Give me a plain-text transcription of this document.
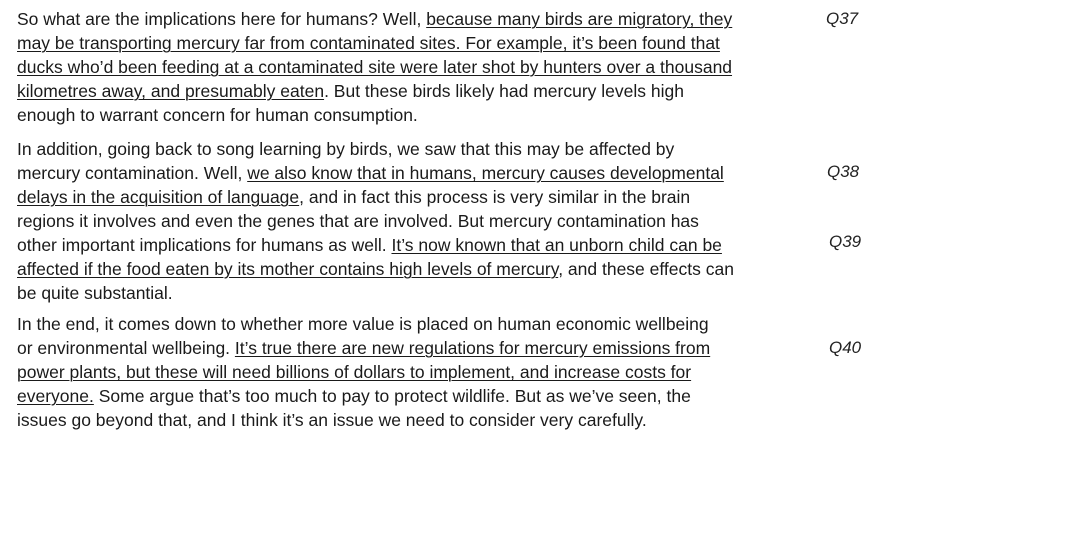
So what are the implications here for humans? Well, because many birds are migratory, they
may be transporting mercury far from contaminated sites. For example, it’s been found that
ducks who’d been feeding at a contaminated site were later shot by hunters over a thousand
kilometres away, and presumably eaten. But these birds likely had mercury levels high
enough to warrant concern for human consumption.
In addition, going back to song learning by birds, we saw that this may be affected by
mercury contamination. Well, we also know that in humans, mercury causes developmental
delays in the acquisition of language, and in fact this process is very similar in the brain
regions it involves and even the genes that are involved. But mercury contamination has
other important implications for humans as well. It’s now known that an unborn child can be
affected if the food eaten by its mother contains high levels of mercury, and these effects can
be quite substantial.
In the end, it comes down to whether more value is placed on human economic wellbeing
or environmental wellbeing. It’s true there are new regulations for mercury emissions from
power plants, but these will need billions of dollars to implement, and increase costs for
everyone. Some argue that’s too much to pay to protect wildlife. But as we’ve seen, the
issues go beyond that, and I think it’s an issue we need to consider very carefully.
Q37
Q38
Q39
Q40
